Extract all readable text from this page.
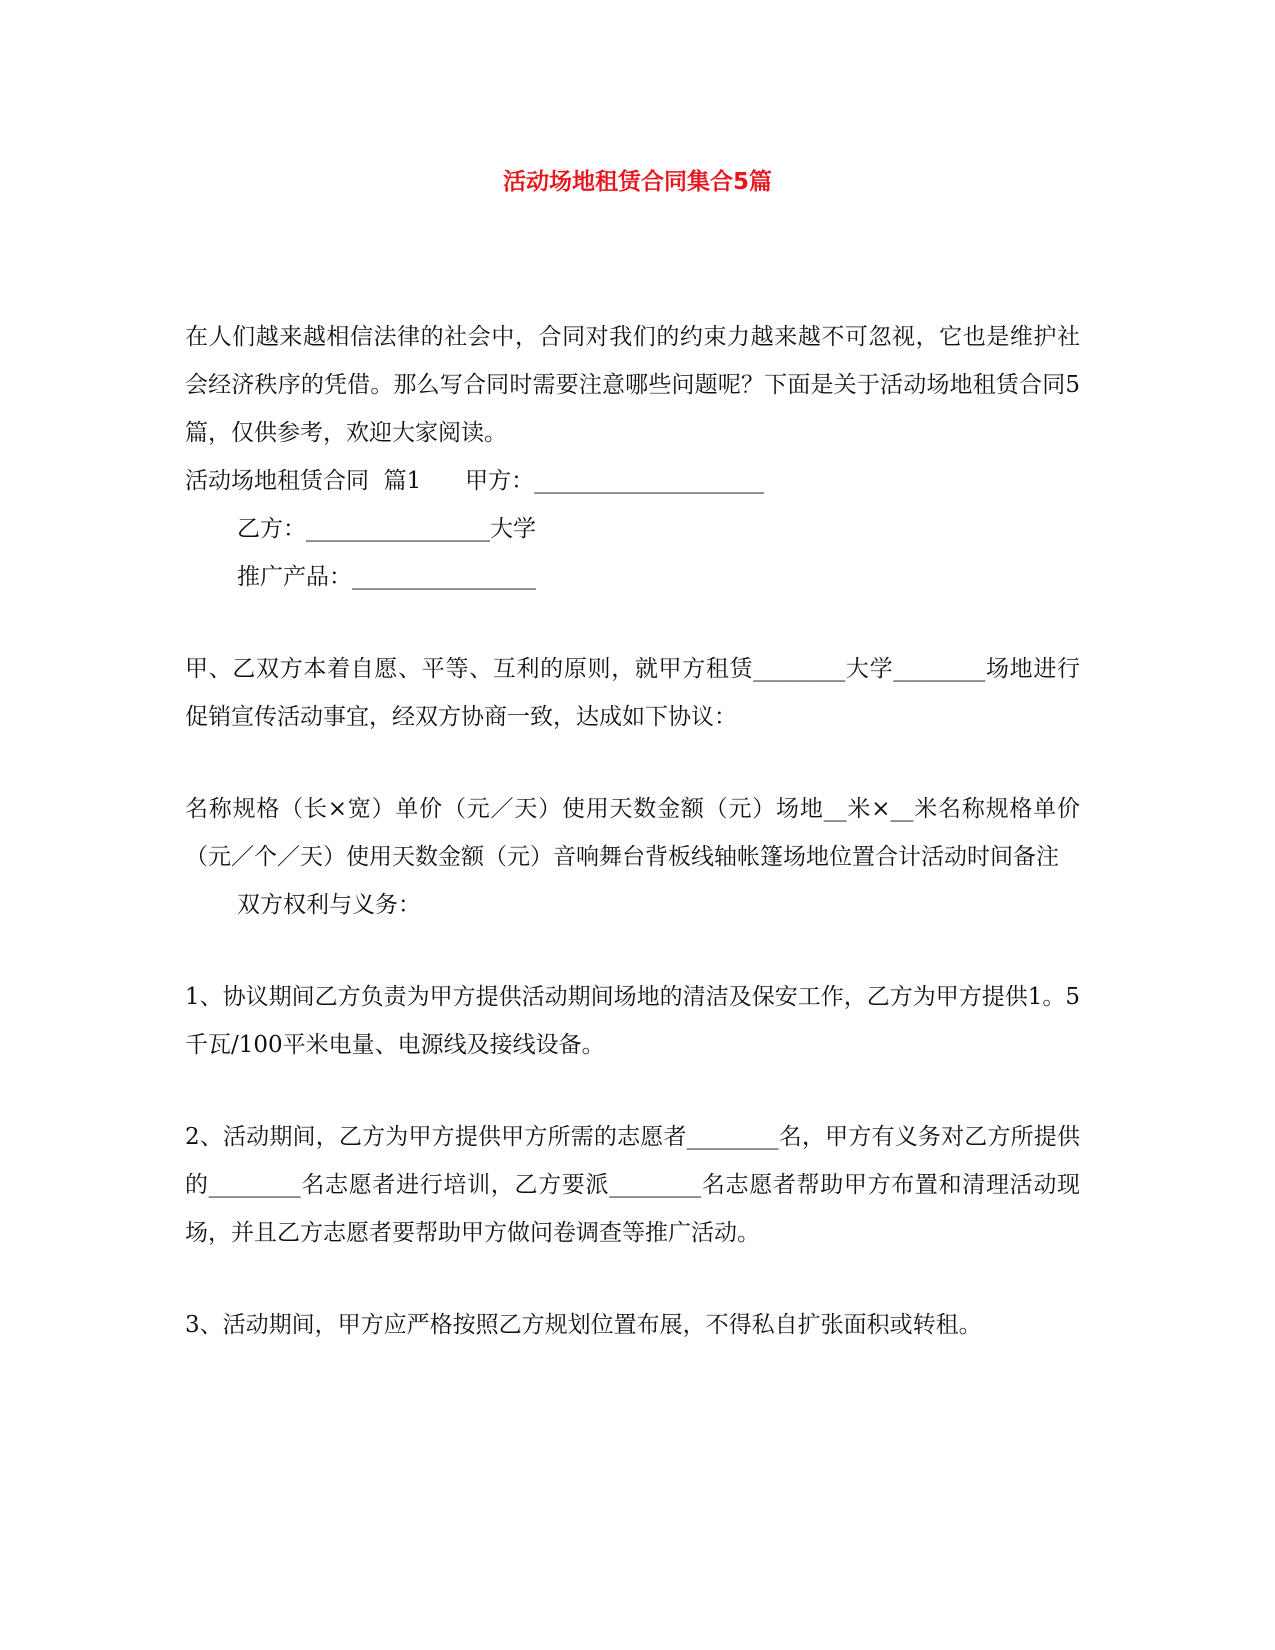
活动场地租赁合同集合5篇

在人们越来越相信法律的社会中，合同对我们的约束力越来越不可忽视，它也是维护社会经济秩序的凭借。那么写合同时需要注意哪些问题呢？下面是关于活动场地租赁合同5篇，仅供参考，欢迎大家阅读。

活动场地租赁合同  篇1      甲方：____________________

乙方：________________大学

推广产品：________________

甲、乙双方本着自愿、平等、互利的原则，就甲方租赁________大学________场地进行促销宣传活动事宜，经双方协商一致，达成如下协议：

名称规格（长×宽）单价（元／天）使用天数金额（元）场地__米×__米名称规格单价（元／个／天）使用天数金额（元）音响舞台背板线轴帐篷场地位置合计活动时间备注

双方权利与义务：

1、协议期间乙方负责为甲方提供活动期间场地的清洁及保安工作，乙方为甲方提供1。5千瓦/100平米电量、电源线及接线设备。

2、活动期间，乙方为甲方提供甲方所需的志愿者________名，甲方有义务对乙方所提供的________名志愿者进行培训，乙方要派________名志愿者帮助甲方布置和清理活动现场，并且乙方志愿者要帮助甲方做问卷调查等推广活动。

3、活动期间，甲方应严格按照乙方规划位置布展，不得私自扩张面积或转租。
